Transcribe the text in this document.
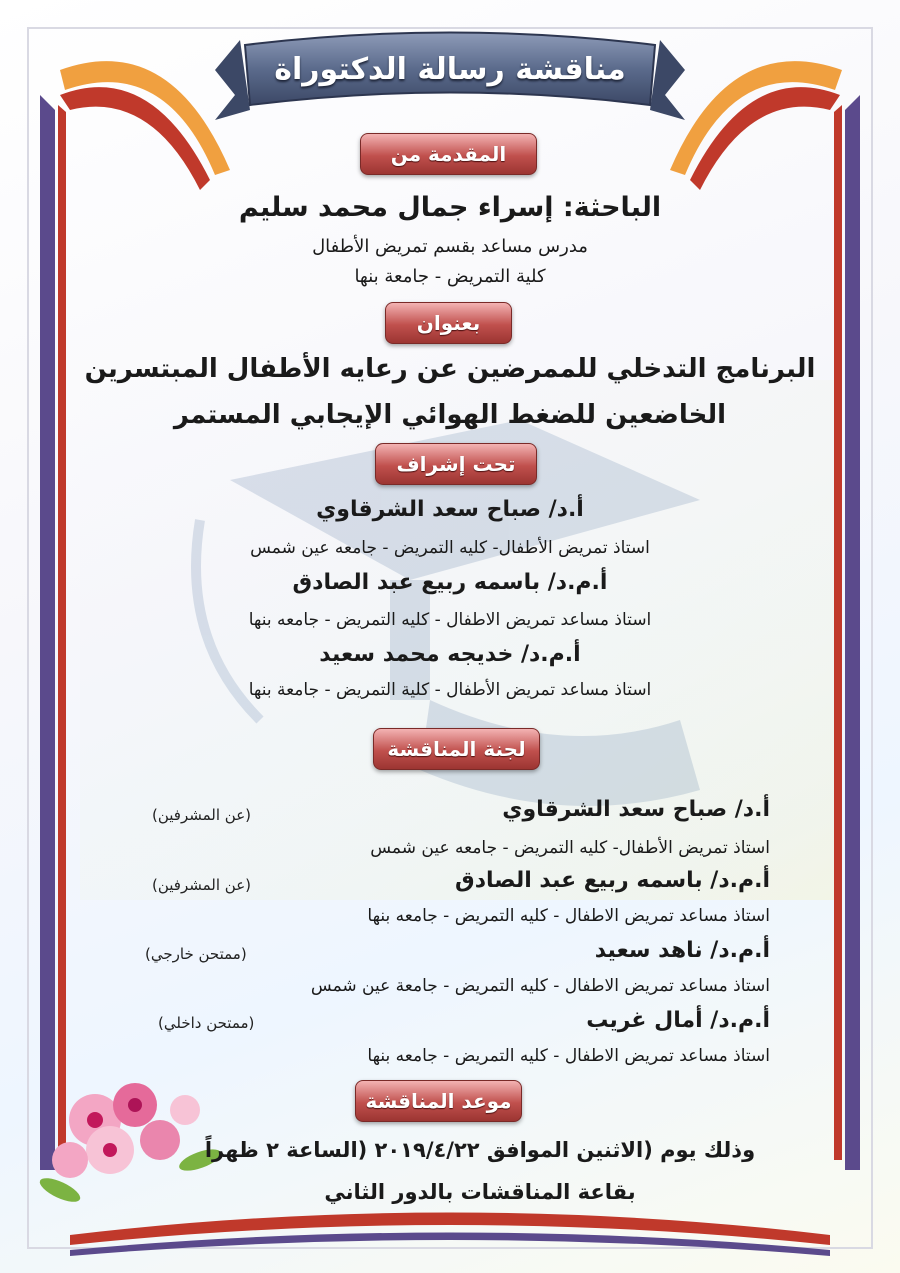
مناقشة رسالة الدكتوراة
المقدمة من
الباحثة: إسراء جمال محمد سليم
مدرس مساعد بقسم تمريض الأطفال
كلية التمريض - جامعة بنها
بعنوان
البرنامج التدخلي للممرضين عن رعايه الأطفال المبتسرين
الخاضعين للضغط الهوائي الإيجابي المستمر
تحت إشراف
أ.د/ صباح سعد الشرقاوي
استاذ تمريض الأطفال- كليه التمريض - جامعه عين شمس
أ.م.د/ باسمه ربيع عبد الصادق
استاذ مساعد تمريض الاطفال - كليه التمريض - جامعه بنها
أ.م.د/ خديجه محمد سعيد
استاذ مساعد تمريض الأطفال - كلية التمريض - جامعة بنها
لجنة المناقشة
أ.د/ صباح سعد الشرقاوي
(عن المشرفين)
استاذ تمريض الأطفال- كليه التمريض - جامعه عين شمس
أ.م.د/ باسمه ربيع عبد الصادق
(عن المشرفين)
استاذ مساعد تمريض الاطفال - كليه التمريض - جامعه بنها
أ.م.د/ ناهد سعيد
(ممتحن خارجي)
استاذ مساعد تمريض الاطفال - كليه التمريض - جامعة عين شمس
أ.م.د/ أمال غريب
(ممتحن داخلي)
استاذ مساعد تمريض الاطفال - كليه التمريض - جامعه بنها
موعد المناقشة
وذلك يوم (الاثنين الموافق ٢٠١٩/٤/٢٢ (الساعة ٢ ظهراً
بقاعة المناقشات بالدور الثاني
